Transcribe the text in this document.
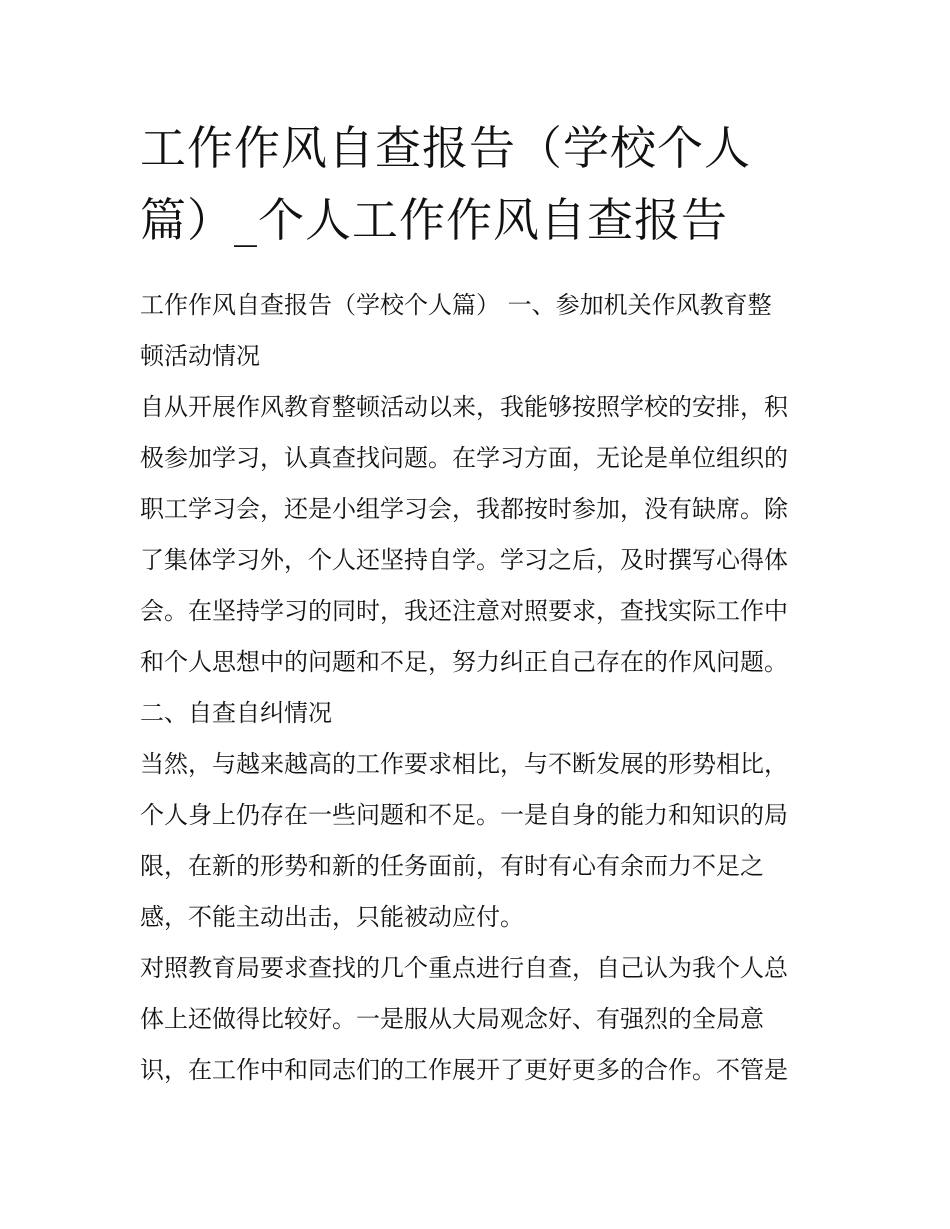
工作作风自查报告（学校个人
篇）_个人工作作风自查报告
工作作风自查报告（学校个人篇） 一、参加机关作风教育整
顿活动情况
自从开展作风教育整顿活动以来，我能够按照学校的安排，积
极参加学习，认真查找问题。在学习方面，无论是单位组织的
职工学习会，还是小组学习会，我都按时参加，没有缺席。除
了集体学习外，个人还坚持自学。学习之后，及时撰写心得体
会。在坚持学习的同时，我还注意对照要求，查找实际工作中
和个人思想中的问题和不足，努力纠正自己存在的作风问题。
二、自查自纠情况
当然，与越来越高的工作要求相比，与不断发展的形势相比，
个人身上仍存在一些问题和不足。一是自身的能力和知识的局
限，在新的形势和新的任务面前，有时有心有余而力不足之
感，不能主动出击，只能被动应付。
对照教育局要求查找的几个重点进行自查，自己认为我个人总
体上还做得比较好。一是服从大局观念好、有强烈的全局意
识，在工作中和同志们的工作展开了更好更多的合作。不管是
